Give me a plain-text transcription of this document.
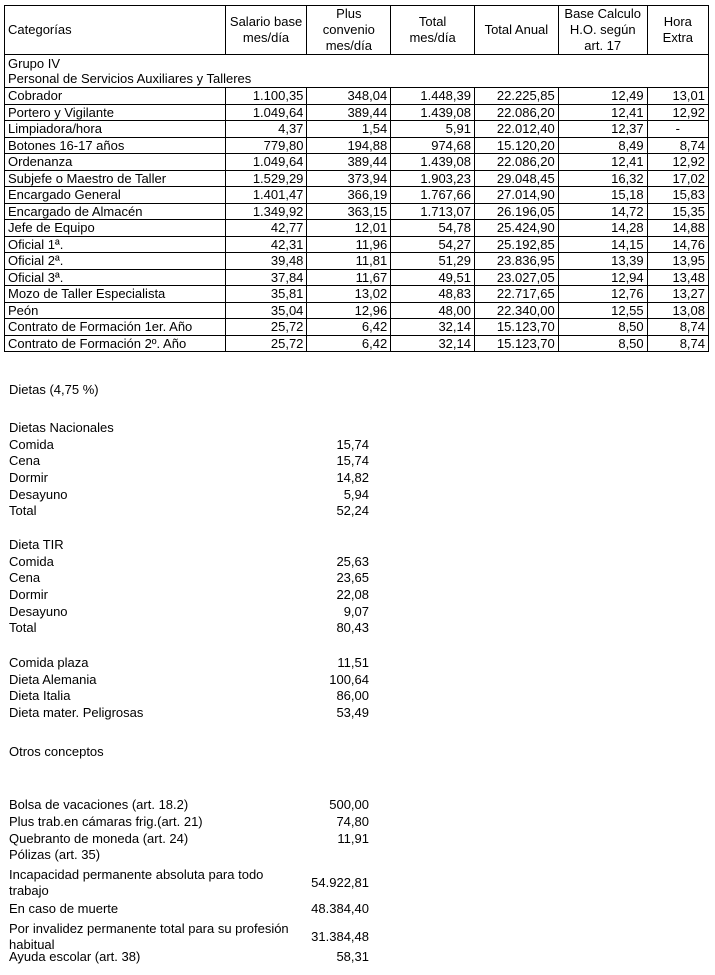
Categorías	Salario base mes/día	Plus convenio mes/día	Total mes/día	Total Anual	Base Calculo H.O. según art. 17	Hora Extra

Grupo IV
Personal de Servicios Auxiliares y Talleres						

Cobrador	1.100,35	348,04	1.448,39	22.225,85	12,49	13,01
Portero y Vigilante	1.049,64	389,44	1.439,08	22.086,20	12,41	12,92
Limpiadora/hora	4,37	1,54	5,91	22.012,40	12,37	-
Botones 16-17 años	779,80	194,88	974,68	15.120,20	8,49	8,74
Ordenanza	1.049,64	389,44	1.439,08	22.086,20	12,41	12,92
Subjefe o Maestro de Taller	1.529,29	373,94	1.903,23	29.048,45	16,32	17,02
Encargado General	1.401,47	366,19	1.767,66	27.014,90	15,18	15,83
Encargado de Almacén	1.349,92	363,15	1.713,07	26.196,05	14,72	15,35
Jefe de Equipo	42,77	12,01	54,78	25.424,90	14,28	14,88
Oficial 1ª.	42,31	11,96	54,27	25.192,85	14,15	14,76
Oficial 2ª.	39,48	11,81	51,29	23.836,95	13,39	13,95
Oficial 3ª.	37,84	11,67	49,51	23.027,05	12,94	13,48
Mozo de Taller Especialista	35,81	13,02	48,83	22.717,65	12,76	13,27
Peón	35,04	12,96	48,00	22.340,00	12,55	13,08
Contrato de Formación 1er. Año	25,72	6,42	32,14	15.123,70	8,50	8,74
Contrato de Formación 2º. Año	25,72	6,42	32,14	15.123,70	8,50	8,74
Dietas (4,75 %)
Dietas Nacionales
Comida	15,74
Cena	15,74
Dormir	14,82
Desayuno	5,94
Total	52,24
Dieta TIR
Comida	25,63
Cena	23,65
Dormir	22,08
Desayuno	9,07
Total	80,43
Comida plaza	11,51
Dieta Alemania	100,64
Dieta Italia	86,00
Dieta mater. Peligrosas	53,49
Otros conceptos
Bolsa de vacaciones (art. 18.2)	500,00
Plus trab.en cámaras frig.(art. 21)	74,80
Quebranto de moneda (art. 24)	11,91
Pólizas (art. 35)
Incapacidad permanente absoluta para todo trabajo
54.922,81
En caso de muerte	48.384,40
Por invalidez permanente total para su profesión habitual
31.384,48
Ayuda escolar (art. 38)	58,31
